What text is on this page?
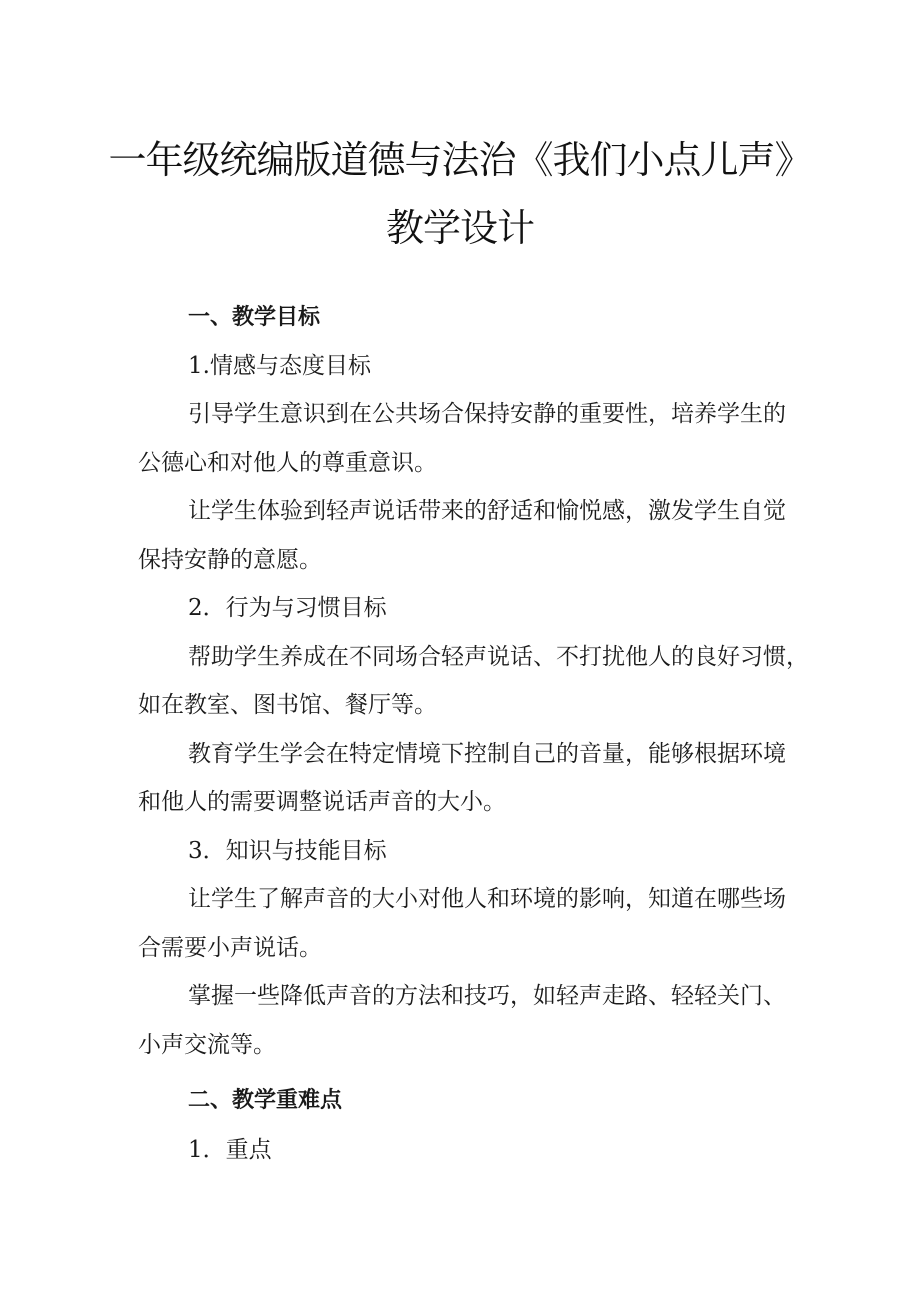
一年级统编版道德与法治《我们小点儿声》
教学设计
一、教学目标
1.情感与态度目标
引导学生意识到在公共场合保持安静的重要性，培养学生的
公德心和对他人的尊重意识。
让学生体验到轻声说话带来的舒适和愉悦感，激发学生自觉
保持安静的意愿。
2．行为与习惯目标
帮助学生养成在不同场合轻声说话、不打扰他人的良好习惯，
如在教室、图书馆、餐厅等。
教育学生学会在特定情境下控制自己的音量，能够根据环境
和他人的需要调整说话声音的大小。
3．知识与技能目标
让学生了解声音的大小对他人和环境的影响，知道在哪些场
合需要小声说话。
掌握一些降低声音的方法和技巧，如轻声走路、轻轻关门、
小声交流等。
二、教学重难点
1．重点
